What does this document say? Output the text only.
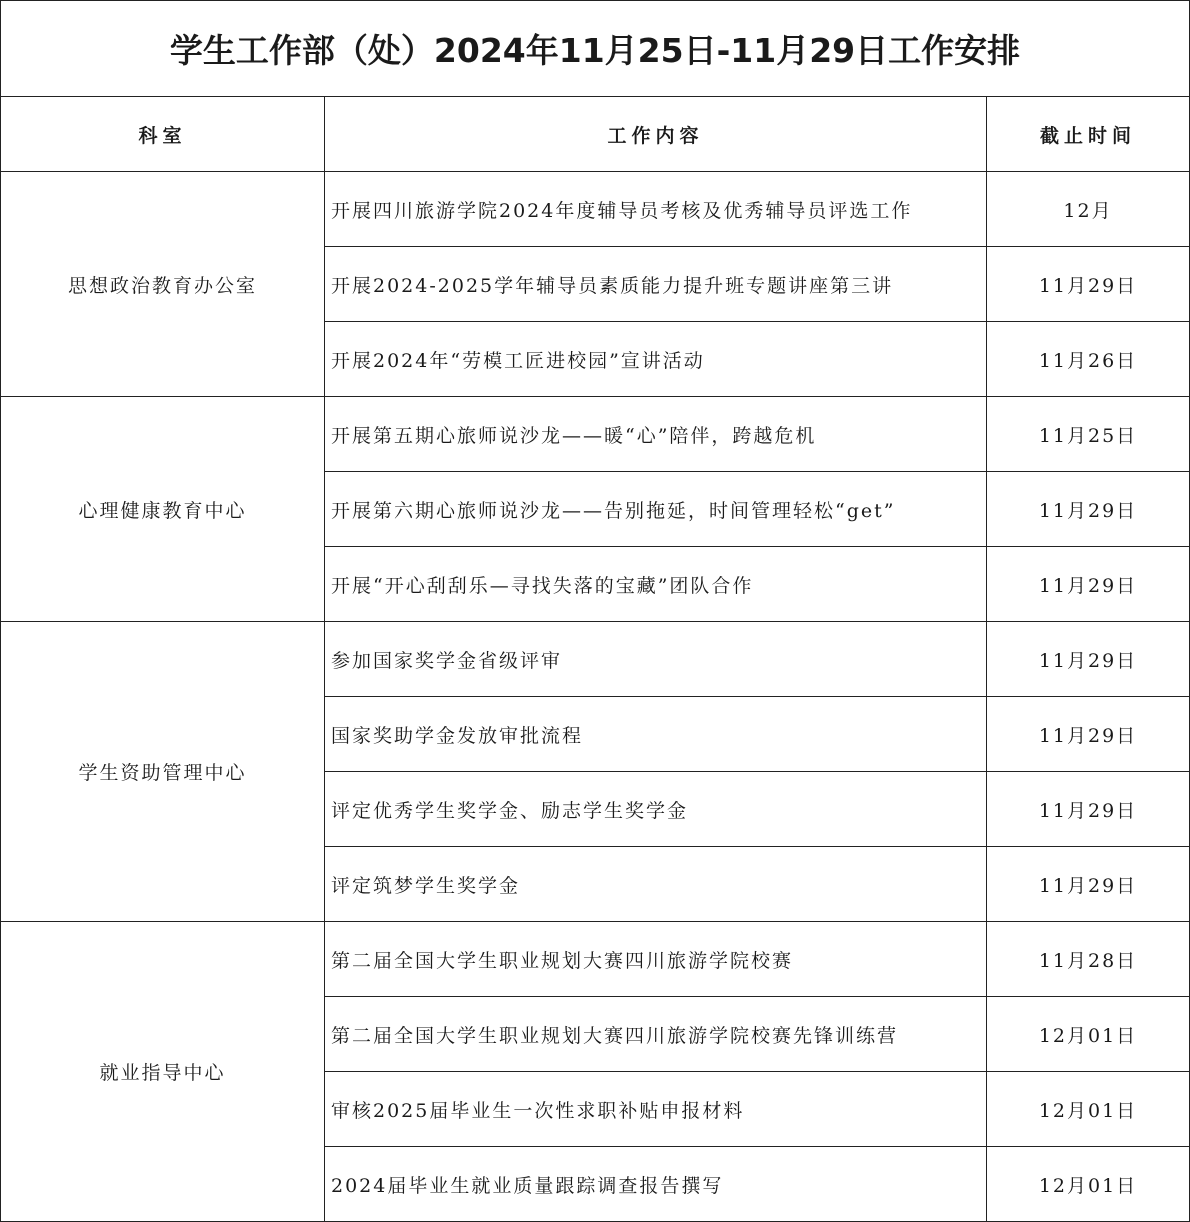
学生工作部（处）2024年11月25日-11月29日工作安排		
科室	工作内容	截止时间
思想政治教育办公室	开展四川旅游学院2024年度辅导员考核及优秀辅导员评选工作	12月
	开展2024-2025学年辅导员素质能力提升班专题讲座第三讲	11月29日
	开展2024年“劳模工匠进校园”宣讲活动	11月26日
心理健康教育中心	开展第五期心旅师说沙龙——暖“心”陪伴，跨越危机	11月25日
	开展第六期心旅师说沙龙——告别拖延，时间管理轻松“get”	11月29日
	开展“开心刮刮乐—寻找失落的宝藏”团队合作	11月29日
学生资助管理中心	参加国家奖学金省级评审	11月29日
	国家奖助学金发放审批流程	11月29日
	评定优秀学生奖学金、励志学生奖学金	11月29日
	评定筑梦学生奖学金	11月29日
就业指导中心	第二届全国大学生职业规划大赛四川旅游学院校赛	11月28日
	第二届全国大学生职业规划大赛四川旅游学院校赛先锋训练营	12月01日
	审核2025届毕业生一次性求职补贴申报材料	12月01日
	2024届毕业生就业质量跟踪调查报告撰写	12月01日
